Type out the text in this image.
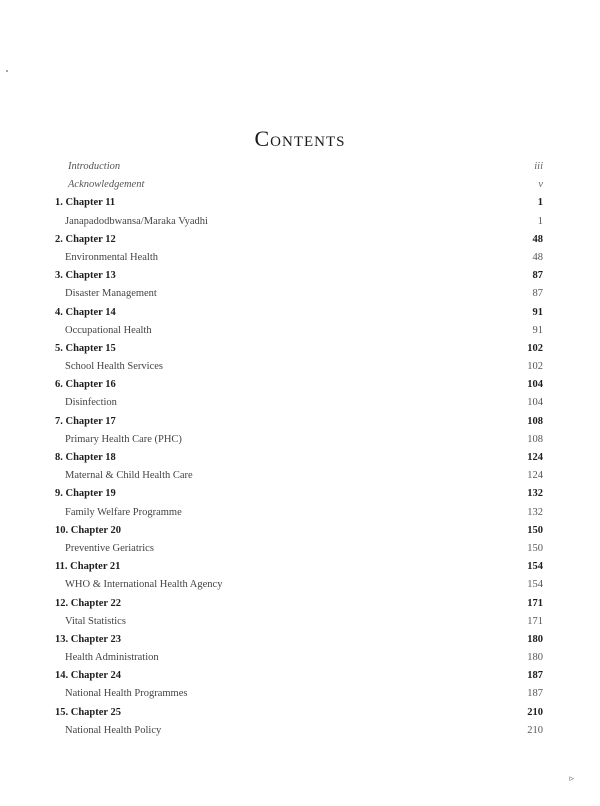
Contents
Introduction	iii
Acknowledgement	v
1. Chapter 11	1
Janapadodbwansa/Maraka Vyadhi	1
2. Chapter 12	48
Environmental Health	48
3. Chapter 13	87
Disaster Management	87
4. Chapter 14	91
Occupational Health	91
5. Chapter 15	102
School Health Services	102
6. Chapter 16	104
Disinfection	104
7. Chapter 17	108
Primary Health Care (PHC)	108
8. Chapter 18	124
Maternal & Child Health Care	124
9. Chapter 19	132
Family Welfare Programme	132
10. Chapter 20	150
Preventive Geriatrics	150
11. Chapter 21	154
WHO & International Health Agency	154
12. Chapter 22	171
Vital Statistics	171
13. Chapter 23	180
Health Administration	180
14. Chapter 24	187
National Health Programmes	187
15. Chapter 25	210
National Health Policy	210
▹
